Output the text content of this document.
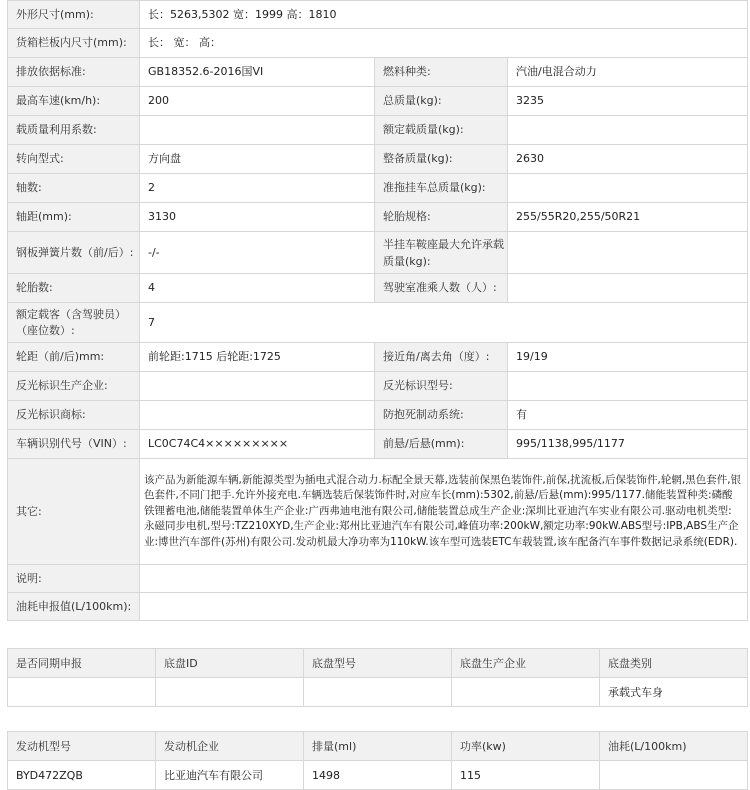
外形尺寸(mm):	长：5263,5302 宽：1999 高：1810		
货箱栏板内尺寸(mm):	长： 宽： 高：		
排放依据标准:	GB18352.6-2016国VI	燃料种类:	汽油/电混合动力
最高车速(km/h):	200	总质量(kg):	3235
载质量利用系数:		额定载质量(kg):	
转向型式:	方向盘	整备质量(kg):	2630
轴数:	2	准拖挂车总质量(kg):	
轴距(mm):	3130	轮胎规格:	255/55R20,255/50R21
钢板弹簧片数（前/后）:	-/-	半挂车鞍座最大允许承载质量(kg):	
轮胎数:	4	驾驶室准乘人数（人）:	
额定载客（含驾驶员）（座位数）:	7		
轮距（前/后)mm:	前轮距:1715 后轮距:1725	接近角/离去角（度）:	19/19
反光标识生产企业:		反光标识型号:	
反光标识商标:		防抱死制动系统:	有
车辆识别代号（VIN）:	LC0C74C4×××××××××	前悬/后悬(mm):	995/1138,995/1177
其它:	该产品为新能源车辆,新能源类型为插电式混合动力.标配全景天幕,选装前保黑色装饰件,前保,扰流板,后保装饰件,轮辋,黑色套件,银色套件,不同门把手.允许外接充电.车辆选装后保装饰件时,对应车长(mm):5302,前悬/后悬(mm):995/1177.储能装置种类:磷酸铁锂蓄电池,储能装置单体生产企业:广西弗迪电池有限公司,储能装置总成生产企业:深圳比亚迪汽车实业有限公司.驱动电机类型:永磁同步电机,型号:TZ210XYD,生产企业:郑州比亚迪汽车有限公司,峰值功率:200kW,额定功率:90kW.ABS型号:IPB,ABS生产企业:博世汽车部件(苏州)有限公司.发动机最大净功率为110kW.该车型可选装ETC车载装置,该车配备汽车事件数据记录系统(EDR).		
说明:			
油耗申报值(L/100km):			
是否同期申报	底盘ID	底盘型号	底盘生产企业	底盘类别
				承载式车身
发动机型号	发动机企业	排量(ml)	功率(kw)	油耗(L/100km)
BYD472ZQB	比亚迪汽车有限公司	1498	115	
